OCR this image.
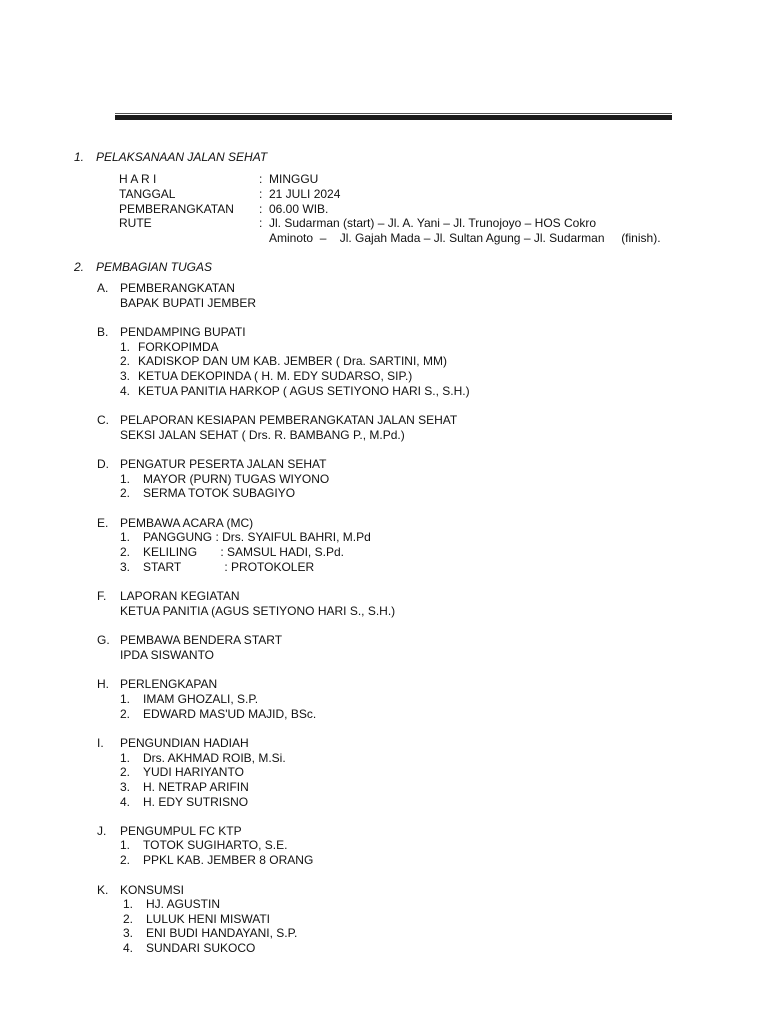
1. PELAKSANAAN JALAN SEHAT
H A R I	: MINGGU
TANGGAL	: 21 JULI 2024
PEMBERANGKATAN : 06.00 WIB.
RUTE	: Jl. Sudarman (start) – Jl. A. Yani – Jl. Trunojoyo – HOS Cokro
Aminoto  –    Jl. Gajah Mada – Jl. Sultan Agung – Jl. Sudarman     (finish).
2. PEMBAGIAN TUGAS
A. PEMBERANGKATAN
BAPAK BUPATI JEMBER
B. PENDAMPING BUPATI
1. FORKOPIMDA
2. KADISKOP DAN UM KAB. JEMBER ( Dra. SARTINI, MM)
3. KETUA DEKOPINDA ( H. M. EDY SUDARSO, SIP.)
4. KETUA PANITIA HARKOP ( AGUS SETIYONO HARI S., S.H.)
C. PELAPORAN KESIAPAN PEMBERANGKATAN JALAN SEHAT
SEKSI JALAN SEHAT ( Drs. R. BAMBANG P., M.Pd.)
D. PENGATUR PESERTA JALAN SEHAT
1. MAYOR (PURN) TUGAS WIYONO
2. SERMA TOTOK SUBAGIYO
E. PEMBAWA ACARA (MC)
1. PANGGUNG : Drs. SYAIFUL BAHRI, M.Pd
2. KELILING       : SAMSUL HADI, S.Pd.
3. START             : PROTOKOLER
F. LAPORAN KEGIATAN
KETUA PANITIA (AGUS SETIYONO HARI S., S.H.)
G. PEMBAWA BENDERA START
IPDA SISWANTO
H. PERLENGKAPAN
1. IMAM GHOZALI, S.P.
2. EDWARD MAS'UD MAJID, BSc.
I. PENGUNDIAN HADIAH
1. Drs. AKHMAD ROIB, M.Si.
2. YUDI HARIYANTO
3. H. NETRAP ARIFIN
4. H. EDY SUTRISNO
J. PENGUMPUL FC KTP
1. TOTOK SUGIHARTO, S.E.
2. PPKL KAB. JEMBER 8 ORANG
K. KONSUMSI
1. HJ. AGUSTIN
2. LULUK HENI MISWATI
3. ENI BUDI HANDAYANI, S.P.
4. SUNDARI SUKOCO
